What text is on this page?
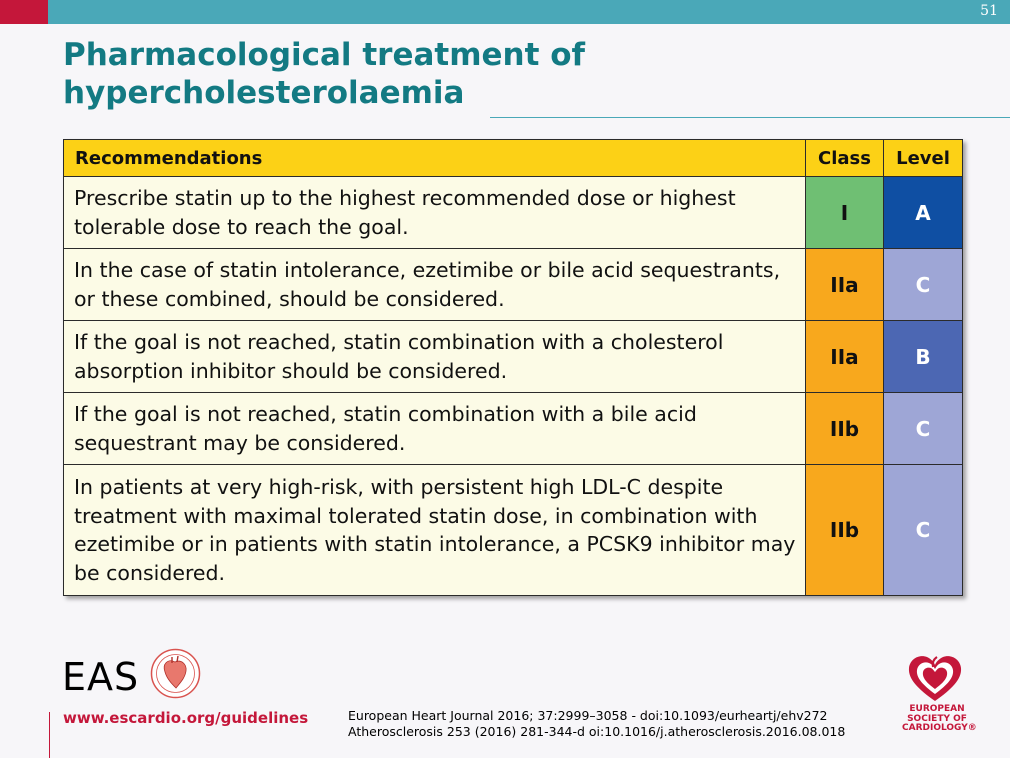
51
Pharmacological treatment of
hypercholesterolaemia
Recommendations	Class	Level
Prescribe statin up to the highest recommended dose or highest tolerable dose to reach the goal.	I	A
In the case of statin intolerance, ezetimibe or bile acid sequestrants, or these combined, should be considered.	IIa	C
If the goal is not reached, statin combination with a cholesterol absorption inhibitor should be considered.	IIa	B
If the goal is not reached, statin combination with a bile acid sequestrant may be considered.	IIb	C
In patients at very high-risk, with persistent high LDL-C despite treatment with maximal tolerated statin dose, in combination with ezetimibe or in patients with statin intolerance, a PCSK9 inhibitor may be considered.	IIb	C
EAS
www.escardio.org/guidelines	European Heart Journal 2016; 37:2999–3058 - doi:10.1093/eurheartj/ehv272
Atherosclerosis 253 (2016) 281-344-d oi:10.1016/j.atherosclerosis.2016.08.018
EUROPEAN
SOCIETY OF
CARDIOLOGY®
